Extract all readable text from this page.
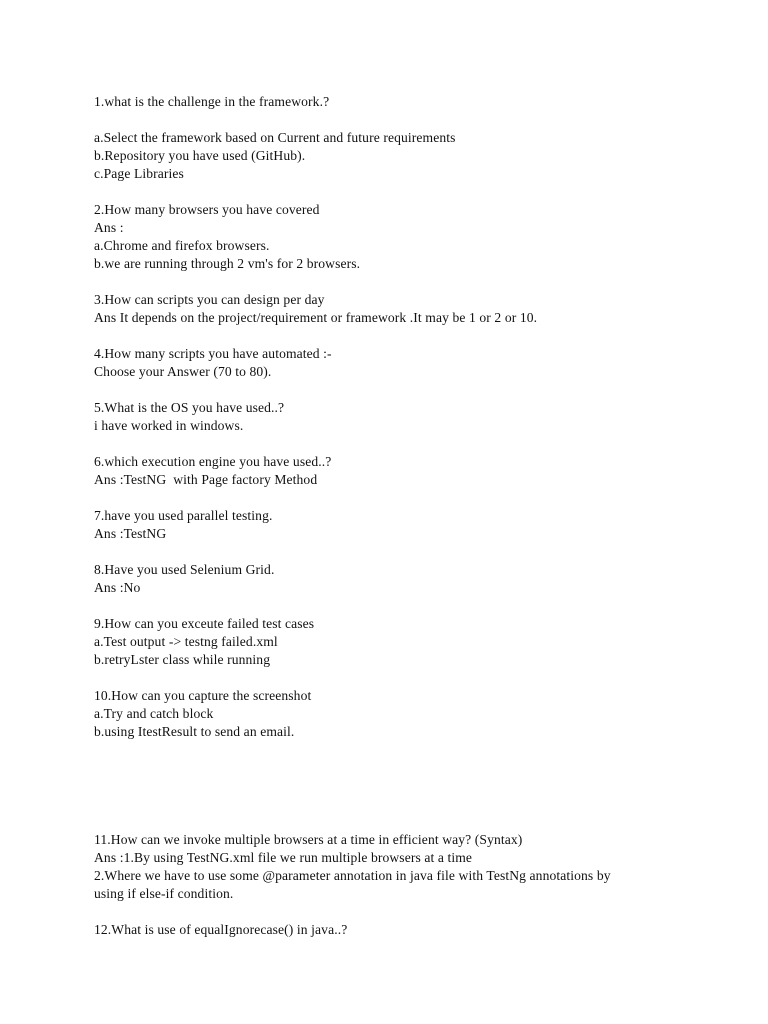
1.what is the challenge in the framework.?
a.Select the framework based on Current and future requirements
b.Repository you have used (GitHub).
c.Page Libraries
2.How many browsers you have covered
Ans :
a.Chrome and firefox browsers.
b.we are running through 2 vm's for 2 browsers.
3.How can scripts you can design per day
Ans It depends on the project/requirement or framework .It may be 1 or 2 or 10.
4.How many scripts you have automated :-
Choose your Answer (70 to 80).
5.What is the OS you have used..?
i have worked in windows.
6.which execution engine you have used..?
Ans :TestNG  with Page factory Method
7.have you used parallel testing.
Ans :TestNG
8.Have you used Selenium Grid.
Ans :No
9.How can you exceute failed test cases
a.Test output -> testng failed.xml
b.retryLster class while running
10.How can you capture the screenshot
a.Try and catch block
b.using ItestResult to send an email.
11.How can we invoke multiple browsers at a time in efficient way? (Syntax)
Ans :1.By using TestNG.xml file we run multiple browsers at a time
2.Where we have to use some @parameter annotation in java file with TestNg annotations by
using if else-if condition.
12.What is use of equalIgnorecase() in java..?
